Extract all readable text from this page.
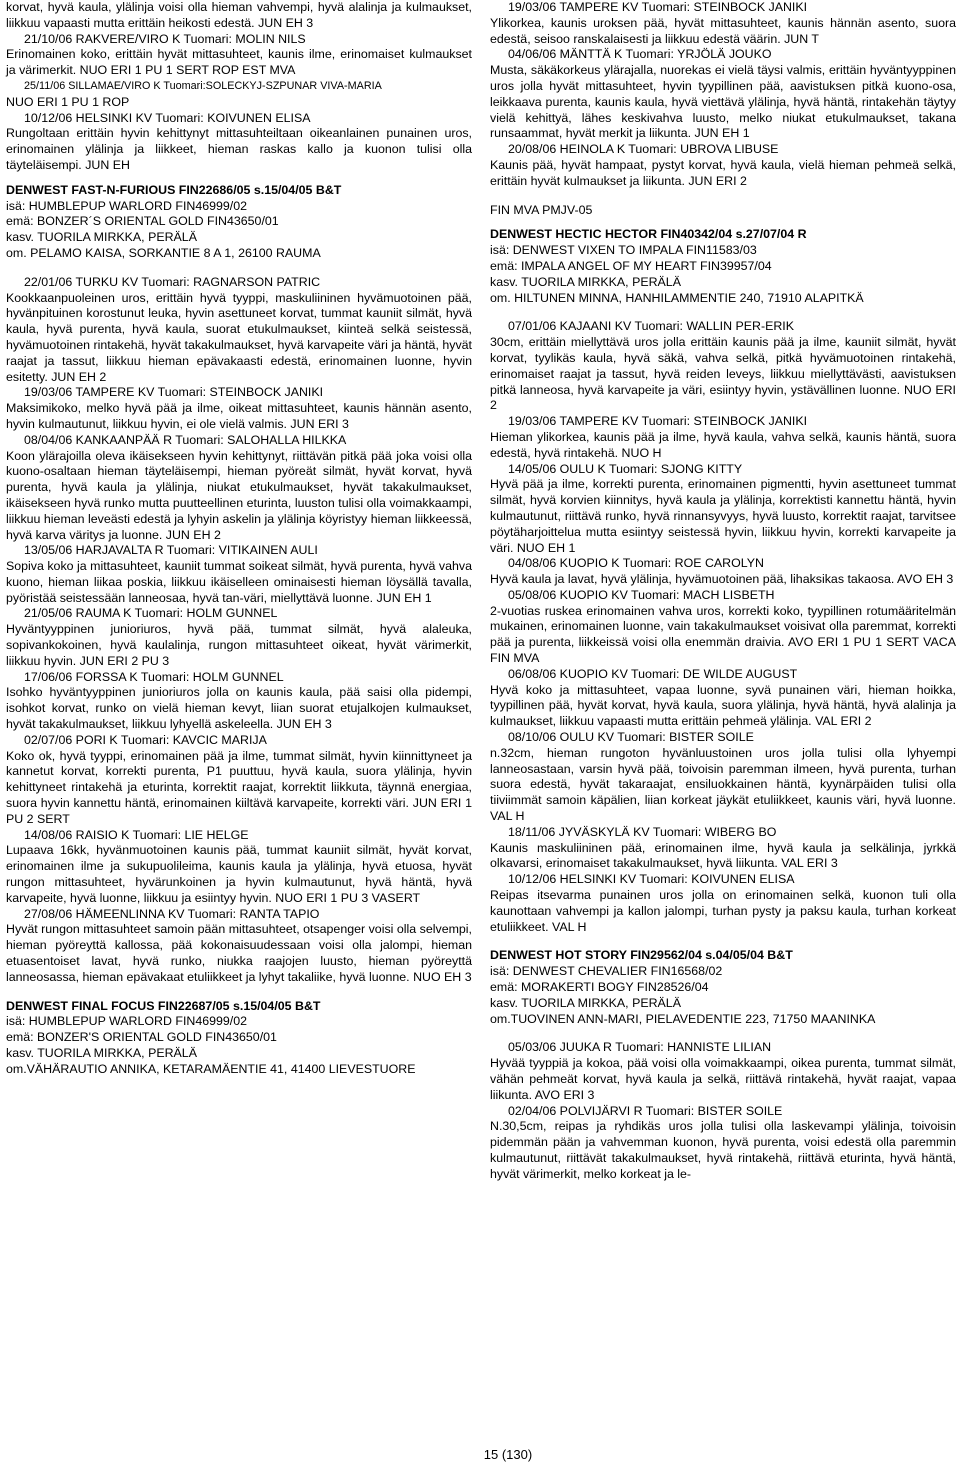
korvat, hyvä kaula, ylälinja voisi olla hieman vahvempi, hyvä alalinja ja kulmaukset, liikkuu vapaasti mutta erittäin heikosti edestä. JUN EH 3

21/10/06 RAKVERE/VIRO K Tuomari: MOLIN NILS

Erinomainen koko, erittäin hyvät mittasuhteet, kaunis ilme, erinomaiset kulmaukset ja värimerkit. NUO ERI 1 PU 1 SERT ROP EST MVA

25/11/06 SILLAMAE/VIRO K Tuomari:SOLECKYJ-SZPUNAR VIVA-MARIA

NUO ERI 1 PU 1 ROP

10/12/06 HELSINKI KV Tuomari: KOIVUNEN ELISA

Rungoltaan erittäin hyvin kehittynyt mittasuhteiltaan oikeanlainen punainen uros, erinomainen ylälinja ja liikkeet, hieman raskas kallo ja kuonon tulisi olla täyteläisempi. JUN EH

DENWEST FAST-N-FURIOUS FIN22686/05 s.15/04/05 B&T

isä: HUMBLEPUP WARLORD FIN46999/02

emä: BONZER´S ORIENTAL GOLD FIN43650/01

kasv. TUORILA MIRKKA, PERÄLÄ

om. PELAMO KAISA, SORKANTIE 8 A 1, 26100 RAUMA

22/01/06 TURKU KV Tuomari: RAGNARSON PATRIC

Kookkaanpuoleinen uros, erittäin hyvä tyyppi, maskuliininen hyvämuotoinen pää, hyvänpituinen korostunut leuka, hyvin asettuneet korvat, tummat kauniit silmät, hyvä kaula, hyvä purenta, hyvä kaula, suorat etukulmaukset, kiinteä selkä seistessä, hyvämuotoinen rintakehä, hyvät takakulmaukset, hyvä karvapeite väri ja häntä, hyvät raajat ja tassut, liikkuu hieman epävakaasti edestä, erinomainen luonne, hyvin esitetty. JUN EH 2

19/03/06 TAMPERE KV Tuomari: STEINBOCK JANIKI

Maksimikoko, melko hyvä pää ja ilme, oikeat mittasuhteet, kaunis hännän asento, hyvin kulmautunut, liikkuu hyvin, ei ole vielä valmis. JUN ERI 3

08/04/06 KANKAANPÄÄ R Tuomari: SALOHALLA HILKKA

Koon ylärajoilla oleva ikäisekseen hyvin kehittynyt, riittävän pitkä pää joka voisi olla kuono-osaltaan hieman täyteläisempi, hieman pyöreät silmät, hyvät korvat, hyvä purenta, hyvä kaula ja ylälinja, niukat etukulmaukset, hyvät takakulmaukset, ikäisekseen hyvä runko mutta puutteellinen eturinta, luuston tulisi olla voimakkaampi, liikkuu hieman leveästi edestä ja lyhyin askelin ja ylälinja köyristyy hieman liikkeessä, hyvä karva väritys ja luonne. JUN EH 2

13/05/06 HARJAVALTA R Tuomari: VITIKAINEN AULI

Sopiva koko ja mittasuhteet, kauniit tummat soikeat silmät, hyvä purenta, hyvä vahva kuono, hieman liikaa poskia, liikkuu ikäiselleen ominaisesti hieman löysällä tavalla, pyöristää seistessään lanneosaa, hyvä tan-väri, miellyttävä luonne. JUN EH 1

21/05/06 RAUMA K Tuomari: HOLM GUNNEL

Hyväntyyppinen junioriuros, hyvä pää, tummat silmät, hyvä alaleuka, sopivankokoinen, hyvä kaulalinja, rungon mittasuhteet oikeat, hyvät värimerkit, liikkuu hyvin. JUN ERI 2 PU 3

17/06/06 FORSSA K Tuomari: HOLM GUNNEL

Isohko hyväntyyppinen junioriuros jolla on kaunis kaula, pää saisi olla pidempi, isohkot korvat, runko on vielä hieman kevyt, liian suorat etujalkojen kulmaukset, hyvät takakulmaukset, liikkuu lyhyellä askeleella. JUN EH 3

02/07/06 PORI K Tuomari: KAVCIC MARIJA

Koko ok, hyvä tyyppi, erinomainen pää ja ilme, tummat silmät, hyvin kiinnittyneet ja kannetut korvat, korrekti purenta, P1 puuttuu, hyvä kaula, suora ylälinja, hyvin kehittyneet rintakehä ja eturinta, korrektit raajat, korrektit liikkuta, täynnä energiaa, suora hyvin kannettu häntä, erinomainen kiiltävä karvapeite, korrekti väri. JUN ERI 1 PU 2 SERT

14/08/06 RAISIO K Tuomari: LIE HELGE

Lupaava 16kk, hyvänmuotoinen kaunis pää, tummat kauniit silmät, hyvät korvat, erinomainen ilme ja sukupuolileima, kaunis kaula ja ylälinja, hyvä etuosa, hyvät rungon mittasuhteet, hyvärunkoinen ja hyvin kulmautunut, hyvä häntä, hyvä karvapeite, hyvä luonne, liikkuu ja esiintyy hyvin. NUO ERI 1 PU 3 VASERT

27/08/06 HÄMEENLINNA KV Tuomari: RANTA TAPIO

Hyvät rungon mittasuhteet samoin pään mittasuhteet, otsapenger voisi olla selvempi, hieman pyöreyttä kallossa, pää kokonaisuudessaan voisi olla jalompi, hieman etuasentoiset lavat, hyvä runko, niukka raajojen luusto, hieman pyöreyttä lanneosassa, hieman epävakaat etuliikkeet ja lyhyt takaliike, hyvä luonne. NUO EH 3

DENWEST FINAL FOCUS FIN22687/05 s.15/04/05 B&T

isä: HUMBLEPUP WARLORD FIN46999/02

emä: BONZER'S ORIENTAL GOLD FIN43650/01

kasv. TUORILA MIRKKA, PERÄLÄ

om.VÄHÄRAUTIO ANNIKA, KETARAMÄENTIE 41, 41400 LIEVESTUORE

19/03/06 TAMPERE KV Tuomari: STEINBOCK JANIKI

Ylikorkea, kaunis uroksen pää, hyvät mittasuhteet, kaunis hännän asento, suora edestä, seisoo ranskalaisesti ja liikkuu edestä väärin. JUN T

04/06/06 MÄNTTÄ K Tuomari: YRJÖLÄ JOUKO

Musta, säkäkorkeus ylärajalla, nuorekas ei vielä täysi valmis, erittäin hyväntyyppinen uros jolla hyvät mittasuhteet, hyvin tyypillinen pää, aavistuksen pitkä kuono-osa, leikkaava purenta, kaunis kaula, hyvä viettävä ylälinja, hyvä häntä, rintakehän täytyy vielä kehittyä, lähes keskivahva luusto, melko niukat etukulmaukset, takana runsaammat, hyvät merkit ja liikunta. JUN EH 1

20/08/06 HEINOLA K Tuomari: UBROVA LIBUSE

Kaunis pää, hyvät hampaat, pystyt korvat, hyvä kaula, vielä hieman pehmeä selkä, erittäin hyvät kulmaukset ja liikunta. JUN ERI 2

FIN MVA PMJV-05

DENWEST HECTIC HECTOR FIN40342/04 s.27/07/04 R

isä: DENWEST VIXEN TO IMPALA FIN11583/03

emä: IMPALA ANGEL OF MY HEART FIN39957/04

kasv. TUORILA MIRKKA, PERÄLÄ

om. HILTUNEN MINNA, HANHILAMMENTIE 240, 71910 ALAPITKÄ

07/01/06 KAJAANI KV Tuomari: WALLIN PER-ERIK

30cm, erittäin miellyttävä uros jolla erittäin kaunis pää ja ilme, kauniit silmät, hyvät korvat, tyylikäs kaula, hyvä säkä, vahva selkä, pitkä hyvämuotoinen rintakehä, erinomaiset raajat ja tassut, hyvä reiden leveys, liikkuu miellyttävästi, aavistuksen pitkä lanneosa, hyvä karvapeite ja väri, esiintyy hyvin, ystävällinen luonne. NUO ERI 2

19/03/06 TAMPERE KV Tuomari: STEINBOCK JANIKI

Hieman ylikorkea, kaunis pää ja ilme, hyvä kaula, vahva selkä, kaunis häntä, suora edestä, hyvä rintakehä. NUO H

14/05/06 OULU K Tuomari: SJONG KITTY

Hyvä pää ja ilme, korrekti purenta, erinomainen pigmentti, hyvin asettuneet tummat silmät, hyvä korvien kiinnitys, hyvä kaula ja ylälinja, korrektisti kannettu häntä, hyvin kulmautunut, riittävä runko, hyvä rinnansyvyys, hyvä luusto, korrektit raajat, tarvitsee pöytäharjoittelua mutta esiintyy seistessä hyvin, liikkuu hyvin, korrekti karvapeite ja väri. NUO EH 1

04/08/06 KUOPIO K Tuomari: ROE CAROLYN

Hyvä kaula ja lavat, hyvä ylälinja, hyvämuotoinen pää, lihaksikas takaosa. AVO EH 3

05/08/06 KUOPIO KV Tuomari: MACH LISBETH

2-vuotias ruskea erinomainen vahva uros, korrekti koko, tyypillinen rotumääritelmän mukainen, erinomainen luonne, vain takakulmaukset voisivat olla paremmat, korrekti pää ja purenta, liikkeissä voisi olla enemmän draivia. AVO ERI 1 PU 1 SERT VACA FIN MVA

06/08/06 KUOPIO KV Tuomari: DE WILDE AUGUST

Hyvä koko ja mittasuhteet, vapaa luonne, syvä punainen väri, hieman hoikka, tyypillinen pää, hyvät korvat, hyvä kaula, suora ylälinja, hyvä häntä, hyvä alalinja ja kulmaukset, liikkuu vapaasti mutta erittäin pehmeä ylälinja. VAL ERI 2

08/10/06 OULU KV Tuomari: BISTER SOILE

n.32cm, hieman rungoton hyvänluustoinen uros jolla tulisi olla lyhyempi lanneosastaan, varsin hyvä pää, toivoisin paremman ilmeen, hyvä purenta, turhan suora edestä, hyvät takaraajat, ensiluokkainen häntä, kyynärpäiden tulisi olla tiiviimmät samoin käpälien, liian korkeat jäykät etuliikkeet, kaunis väri, hyvä luonne. VAL H

18/11/06 JYVÄSKYLÄ KV Tuomari: WIBERG BO

Kaunis maskuliininen pää, erinomainen ilme, hyvä kaula ja selkälinja, jyrkkä olkavarsi, erinomaiset takakulmaukset, hyvä liikunta. VAL ERI 3

10/12/06 HELSINKI KV Tuomari: KOIVUNEN ELISA

Reipas itsevarma punainen uros jolla on erinomainen selkä, kuonon tuli olla kaunottaan vahvempi ja kallon jalompi, turhan pysty ja paksu kaula, turhan korkeat etuliikkeet. VAL H

DENWEST HOT STORY FIN29562/04 s.04/05/04 B&T

isä: DENWEST CHEVALIER FIN16568/02

emä: MORAKERTI BOGY FIN28526/04

kasv. TUORILA MIRKKA, PERÄLÄ

om.TUOVINEN ANN-MARI, PIELAVEDENTIE 223, 71750 MAANINKA

05/03/06 JUUKA R Tuomari: HANNISTE LILIAN

Hyvää tyyppiä ja kokoa, pää voisi olla voimakkaampi, oikea purenta, tummat silmät, vähän pehmeät korvat, hyvä kaula ja selkä, riittävä rintakehä, hyvät raajat, vapaa liikunta. AVO ERI 3

02/04/06 POLVIJÄRVI R Tuomari: BISTER SOILE

N.30,5cm, reipas ja ryhdikäs uros jolla tulisi olla laskevampi ylälinja, toivoisin pidemmän pään ja vahvemman kuonon, hyvä purenta, voisi edestä olla paremmin kulmautunut, riittävät takakulmaukset, hyvä rintakehä, riittävä eturinta, hyvä häntä, hyvät värimerkit, melko korkeat ja le-

15 (130)
